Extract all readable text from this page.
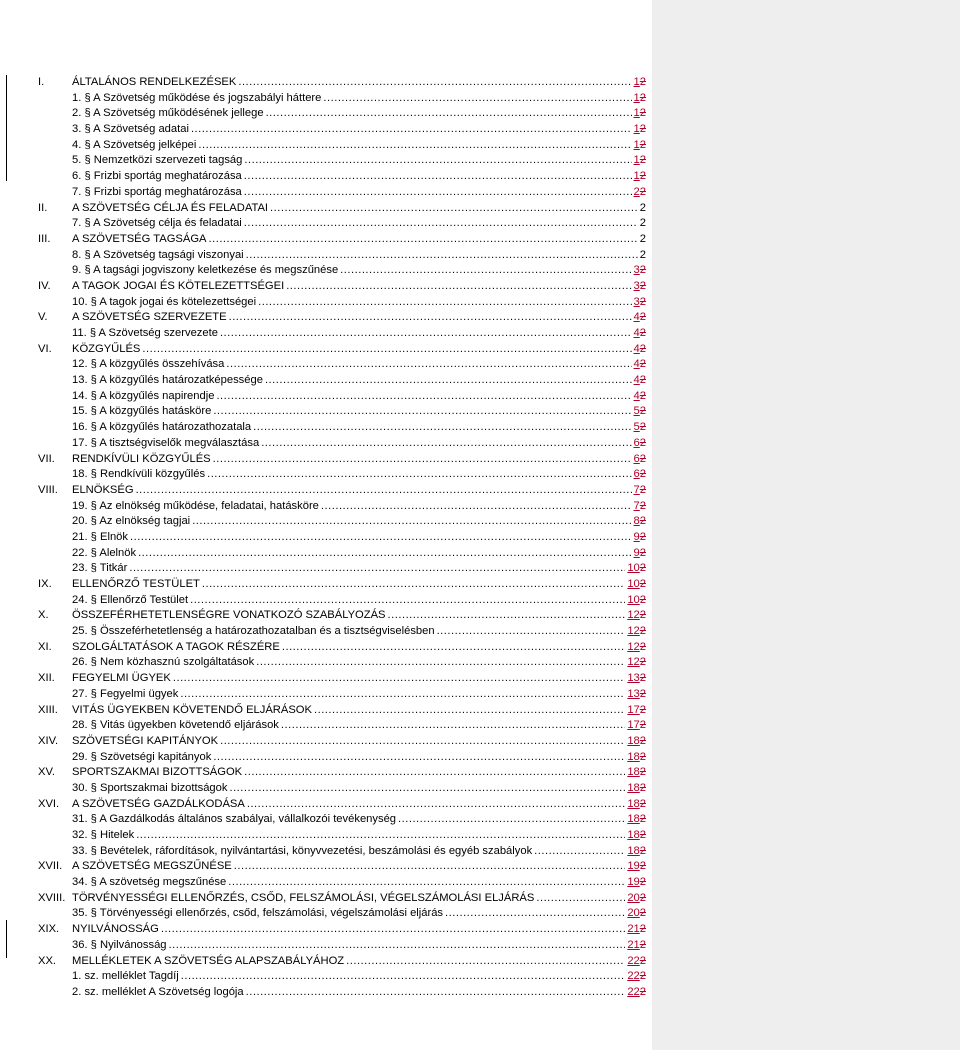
I.	ÁLTALÁNOS RENDELKEZÉSEK .....	12
1. § A Szövetség működése és jogszabályi háttere .....	12
2. § A Szövetség működésének jellege .....	12
3. § A Szövetség adatai .....	12
4. § A Szövetség jelképei .....	12
5. § Nemzetközi szervezeti tagság .....	12
6. § Frizbi sportág meghatározása .....	12
7. § Frizbi sportág meghatározása .....	22
II.	A SZÖVETSÉG CÉLJA ÉS FELADATAI .....	2
7. § A Szövetség célja és feladatai .....	2
III.	A SZÖVETSÉG TAGSÁGA .....	2
8. § A Szövetség tagsági viszonyai .....	2
9. § A tagsági jogviszony keletkezése és megszűnése .....	32
IV.	A TAGOK JOGAI ÉS KÖTELEZETTSÉGEI .....	32
10. § A tagok jogai és kötelezettségei .....	32
V.	A SZÖVETSÉG SZERVEZETE .....	42
11. § A Szövetség szervezete .....	42
VI.	KÖZGYŰLÉS .....	42
12. § A közgyűlés összehívása .....	42
13. § A közgyűlés határozatképessége .....	42
14. § A közgyűlés napirendje .....	42
15. § A közgyűlés hatásköre .....	52
16. § A közgyűlés határozathozatala .....	52
17. § A tisztségviselők megválasztása .....	62
VII.	RENDKÍVÜLI KÖZGYŰLÉS .....	62
18. § Rendkívüli közgyűlés .....	62
VIII.	ELNÖKSÉG .....	72
19. § Az elnökség működése, feladatai, hatásköre .....	72
20. § Az elnökség tagjai .....	82
21. § Elnök .....	92
22. § Alelnök .....	92
23. § Titkár .....	102
IX.	ELLENŐRZŐ TESTÜLET .....	102
24. § Ellenőrző Testület .....	102
X.	ÖSSZEFÉRHETETLENSÉGRE VONATKOZÓ SZABÁLYOZÁS .....	122
25. § Összeférhetetlenség a határozathozatalban és a tisztségviselésben .....	122
XI.	SZOLGÁLTATÁSOK A TAGOK RÉSZÉRE .....	122
26. § Nem közhasznú szolgáltatások .....	122
XII.	FEGYELMI ÜGYEK .....	132
27. § Fegyelmi ügyek .....	132
XIII.	VITÁS ÜGYEKBEN KÖVETENDŐ ELJÁRÁSOK .....	172
28. § Vitás ügyekben követendő eljárások .....	172
XIV.	SZÖVETSÉGI KAPITÁNYOK .....	182
29. § Szövetségi kapitányok .....	182
XV.	SPORTSZAKMAI BIZOTTSÁGOK .....	182
30. § Sportszakmai bizottságok .....	182
XVI.	A SZÖVETSÉG GAZDÁLKODÁSA .....	182
31. § A Gazdálkodás általános szabályai, vállalkozói tevékenység .....	182
32. § Hitelek .....	182
33. § Bevételek, ráfordítások, nyilvántartási, könyvvezetési, beszámolási és egyéb szabályok .....	182
XVII. A SZÖVETSÉG MEGSZŰNÉSE .....	192
34. § A szövetség megszűnése .....	192
XVIII. TÖRVÉNYESSÉGI ELLENŐRZÉS, CSŐD, FELSZÁMOLÁSI, VÉGELSZÁMOLÁSI ELJÁRÁS .....	202
35. § Törvényességi ellenőrzés, csőd, felszámolási, végelszámolási eljárás .....	202
XIX.	NYILVÁNOSSÁG .....	212
36. § Nyilvánosság .....	212
XX.	MELLÉKLETEK A SZÖVETSÉG ALAPSZABÁLYÁHOZ .....	222
1. sz. melléklet Tagdíj .....	222
2. sz. melléklet A Szövetség logója .....	222
